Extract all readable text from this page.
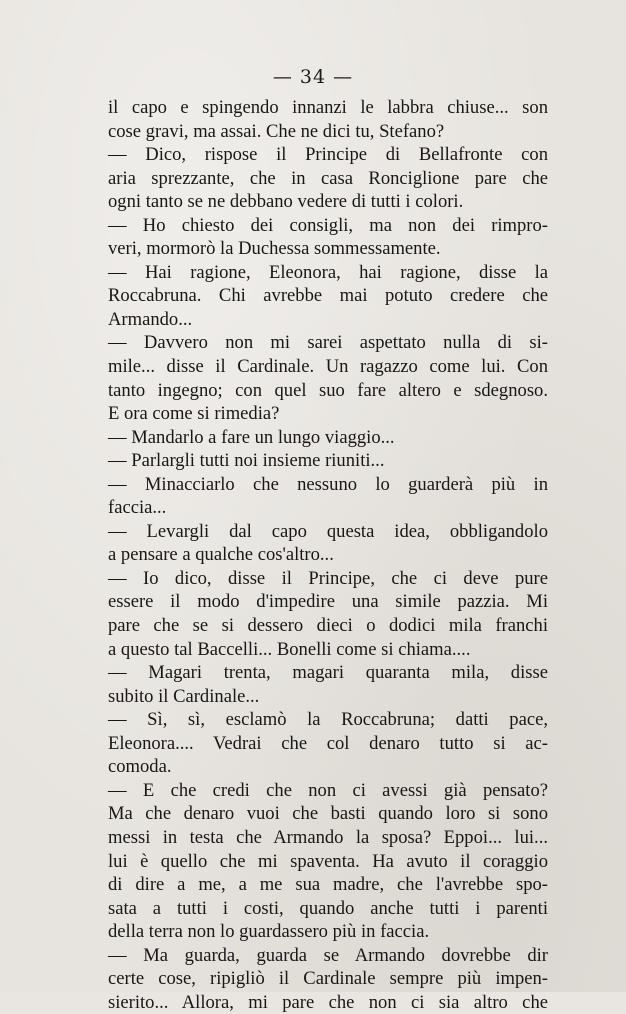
— 34 —
il capo e spingendo innanzi le labbra chiuse... son
cose gravi, ma assai. Che ne dici tu, Stefano?
— Dico, rispose il Principe di Bellafronte con
aria sprezzante, che in casa Ronciglione pare che
ogni tanto se ne debbano vedere di tutti i colori.
— Ho chiesto dei consigli, ma non dei rimpro-
veri, mormorò la Duchessa sommessamente.
— Hai ragione, Eleonora, hai ragione, disse la
Roccabruna. Chi avrebbe mai potuto credere che
Armando...
— Davvero non mi sarei aspettato nulla di si-
mile... disse il Cardinale. Un ragazzo come lui. Con
tanto ingegno; con quel suo fare altero e sdegnoso.
E ora come si rimedia?
— Mandarlo a fare un lungo viaggio...
— Parlargli tutti noi insieme riuniti...
— Minacciarlo che nessuno lo guarderà più in
faccia...
— Levargli dal capo questa idea, obbligandolo
a pensare a qualche cos'altro...
— Io dico, disse il Principe, che ci deve pure
essere il modo d'impedire una simile pazzia. Mi
pare che se si dessero dieci o dodici mila franchi
a questo tal Baccelli... Bonelli come si chiama....
— Magari trenta, magari quaranta mila, disse
subito il Cardinale...
— Sì, sì, esclamò la Roccabruna; datti pace,
Eleonora.... Vedrai che col denaro tutto si ac-
comoda.
— E che credi che non ci avessi già pensato?
Ma che denaro vuoi che basti quando loro si sono
messi in testa che Armando la sposa? Eppoi... lui...
lui è quello che mi spaventa. Ha avuto il coraggio
di dire a me, a me sua madre, che l'avrebbe spo-
sata a tutti i costi, quando anche tutti i parenti
della terra non lo guardassero più in faccia.
— Ma guarda, guarda se Armando dovrebbe dir
certe cose, ripigliò il Cardinale sempre più impen-
sierito... Allora, mi pare che non ci sia altro che
